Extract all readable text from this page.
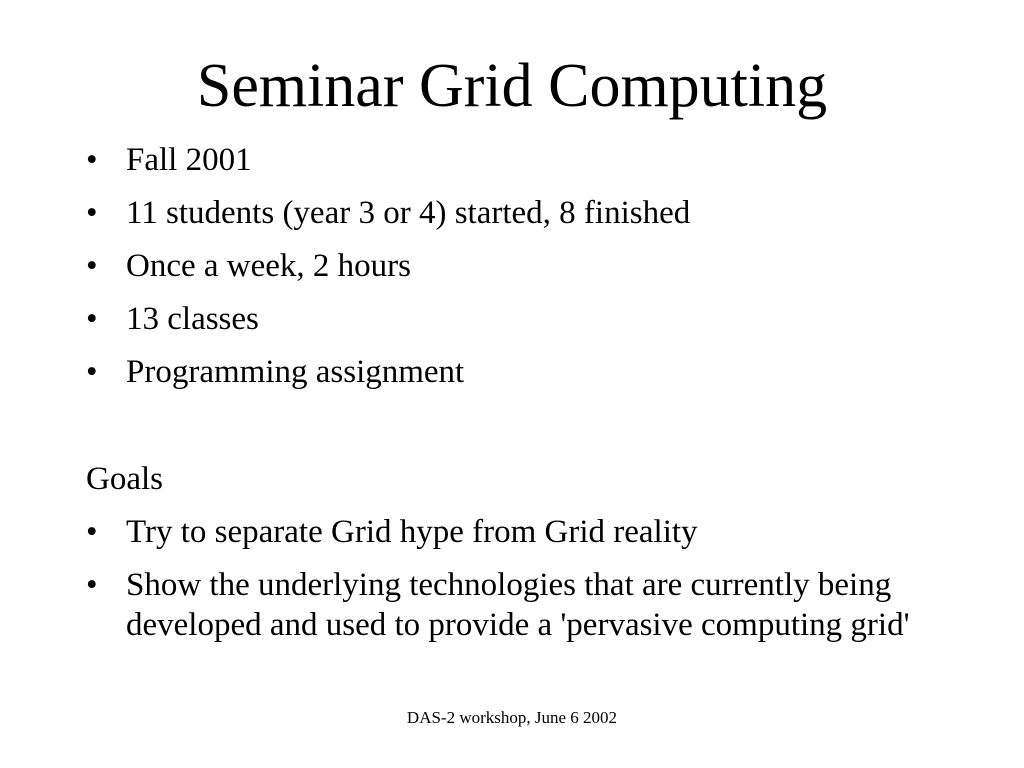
Seminar Grid Computing
• Fall 2001
• 11 students (year 3 or 4) started, 8 finished
• Once a week, 2 hours
• 13 classes
• Programming assignment
Goals
• Try to separate Grid hype from Grid reality
• Show the underlying technologies that are currently being developed and used to provide a 'pervasive computing grid'
DAS-2 workshop, June 6 2002
